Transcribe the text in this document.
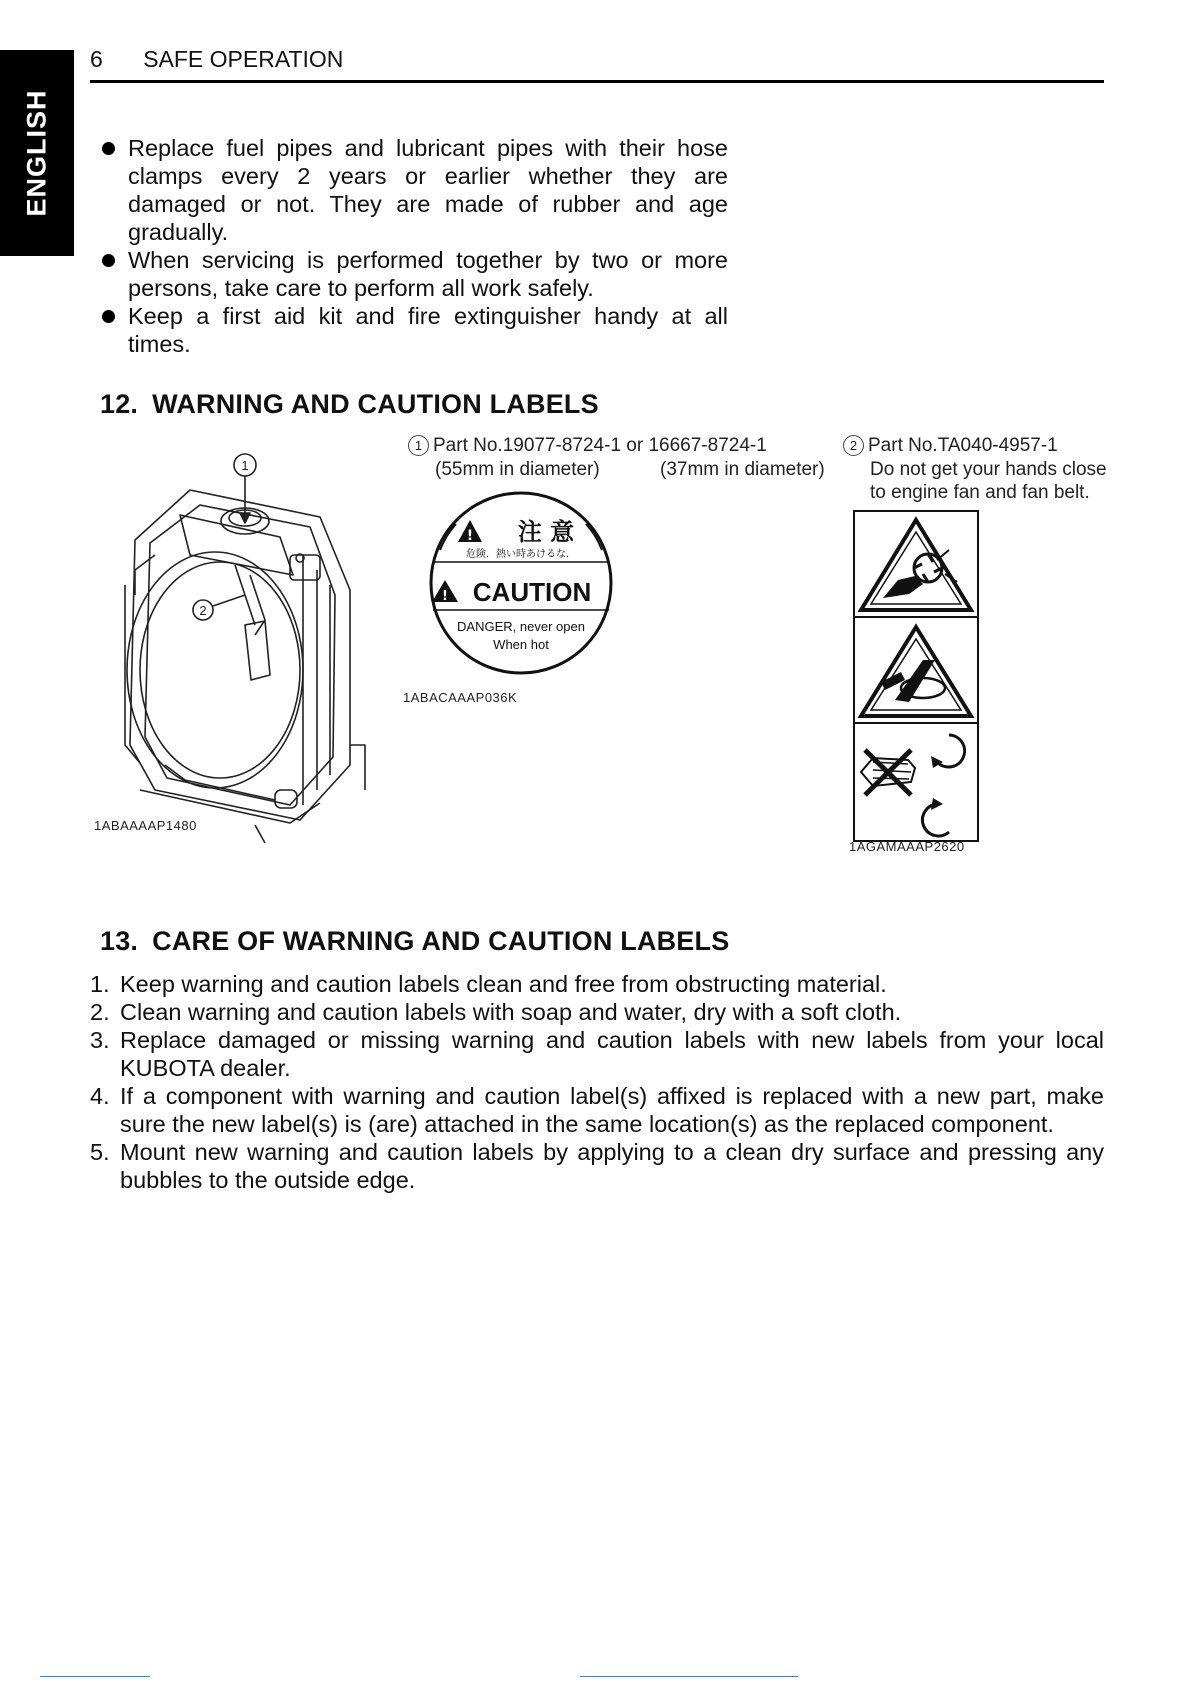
ENGLISH
6 SAFE OPERATION
Replace fuel pipes and lubricant pipes with their hose clamps every 2 years or earlier whether they are damaged or not. They are made of rubber and age gradually.
When servicing is performed together by two or more persons, take care to perform all work safely.
Keep a first aid kit and fire extinguisher handy at all times.
12. WARNING AND CAUTION LABELS
1
2
1ABAAAAP1480
1 Part No.19077-8724-1 or 16667-8724-1
(55mm in diameter)	(37mm in diameter)
! 注 意
危険．熱い時あけるな．
! CAUTION
DANGER, never open
When hot
1ABACAAAP036K
2 Part No.TA040-4957-1
Do not get your hands close
to engine fan and fan belt.
1AGAMAAAP2620
13. CARE OF WARNING AND CAUTION LABELS
1. Keep warning and caution labels clean and free from obstructing material.
2. Clean warning and caution labels with soap and water, dry with a soft cloth.
3. Replace damaged or missing warning and caution labels with new labels from your local KUBOTA dealer.
4. If a component with warning and caution label(s) affixed is replaced with a new part, make sure the new label(s) is (are) attached in the same location(s) as the replaced component.
5. Mount new warning and caution labels by applying to a clean dry surface and pressing any bubbles to the outside edge.
